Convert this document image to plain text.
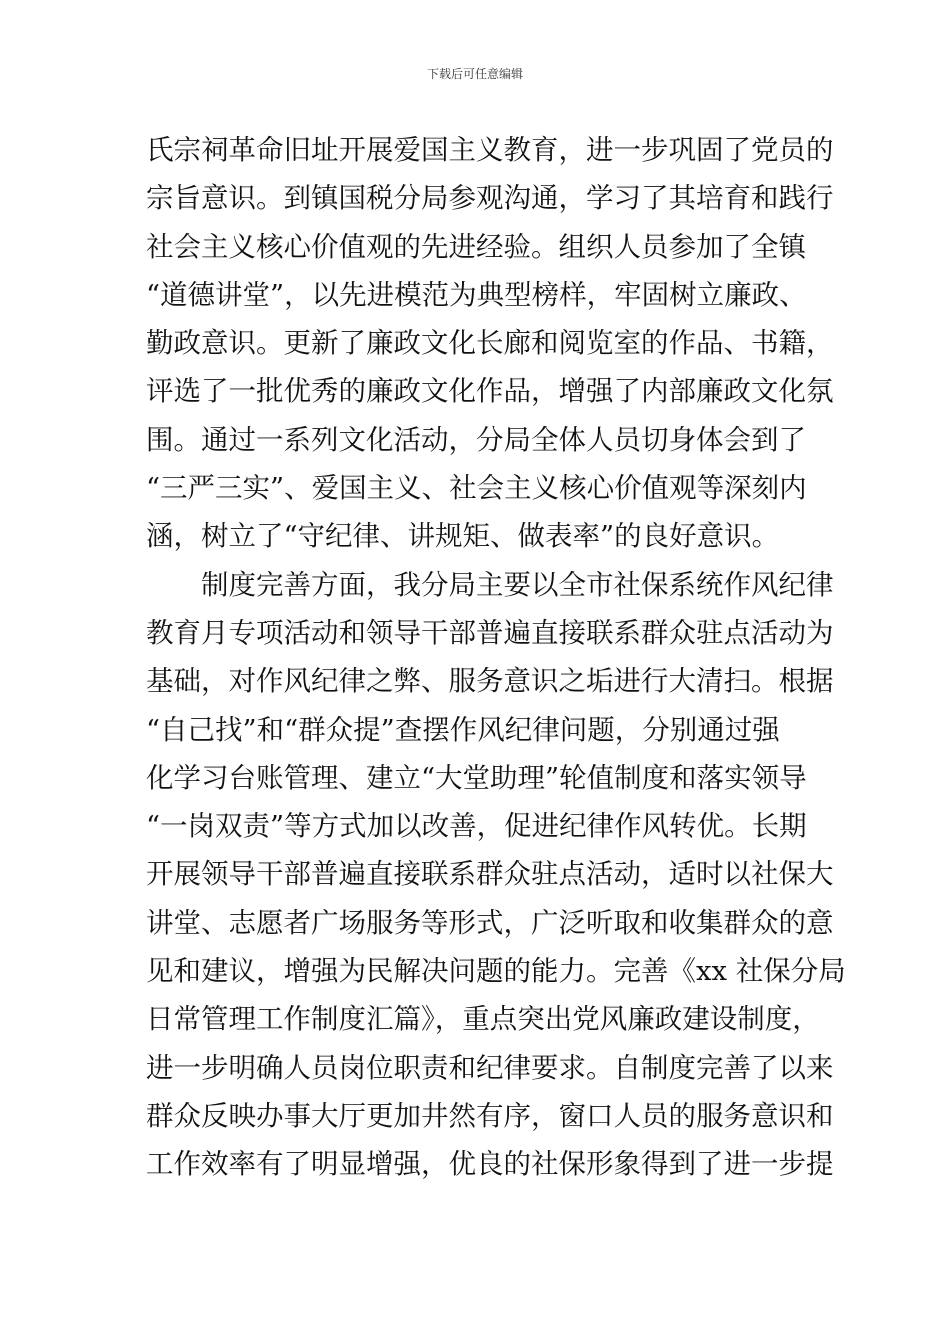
下载后可任意编辑
氏宗祠革命旧址开展爱国主义教育，进一步巩固了党员的
宗旨意识。到镇国税分局参观沟通，学习了其培育和践行
社会主义核心价值观的先进经验。组织人员参加了全镇
“道德讲堂”，以先进模范为典型榜样，牢固树立廉政、
勤政意识。更新了廉政文化长廊和阅览室的作品、书籍，
评选了一批优秀的廉政文化作品，增强了内部廉政文化氛
围。通过一系列文化活动，分局全体人员切身体会到了
“三严三实”、爱国主义、社会主义核心价值观等深刻内
涵，树立了“守纪律、讲规矩、做表率”的良好意识。
制度完善方面，我分局主要以全市社保系统作风纪律
教育月专项活动和领导干部普遍直接联系群众驻点活动为
基础，对作风纪律之弊、服务意识之垢进行大清扫。根据
“自己找”和“群众提”查摆作风纪律问题，分别通过强
化学习台账管理、建立“大堂助理”轮值制度和落实领导
“一岗双责”等方式加以改善，促进纪律作风转优。长期
开展领导干部普遍直接联系群众驻点活动，适时以社保大
讲堂、志愿者广场服务等形式，广泛听取和收集群众的意
见和建议，增强为民解决问题的能力。完善《xx 社保分局
日常管理工作制度汇篇》，重点突出党风廉政建设制度，
进一步明确人员岗位职责和纪律要求。自制度完善了以来
群众反映办事大厅更加井然有序，窗口人员的服务意识和
工作效率有了明显增强，优良的社保形象得到了进一步提
